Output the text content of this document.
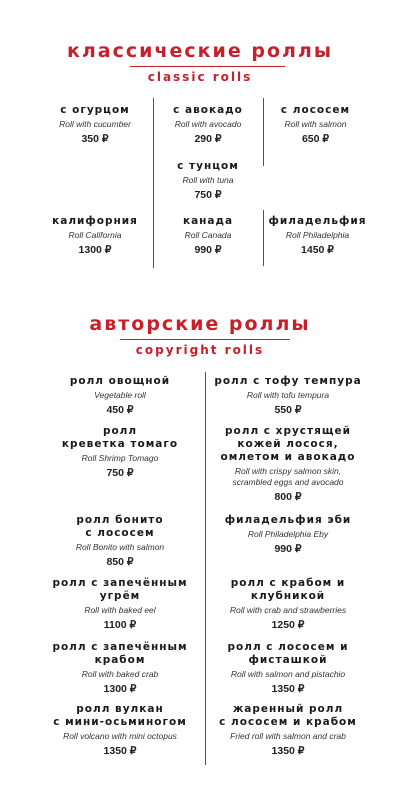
классические роллы
classic rolls
с огурцом
Roll with cucumber
350 ₽
с авокадо
Roll with avocado
290 ₽
с лососем
Roll with salmon
650 ₽
с тунцом
Roll with tuna
750 ₽
калифорния
Roll California
1300 ₽
канада
Roll Canada
990 ₽
филадельфия
Roll Philadelphia
1450 ₽
авторские роллы
copyright rolls
ролл овощной
Vegetable roll
450 ₽
ролл
креветка томаго
Roll Shrimp Tomago
750 ₽
ролл бонито
с лососем
Roll Bonito with salmon
850 ₽
ролл с запечённым
угрём
Roll with baked eel
1100 ₽
ролл с запечённым
крабом
Roll with baked crab
1300 ₽
ролл вулкан
с мини-осьминогом
Roll volcano with mini octopus
1350 ₽
ролл с тофу темпура
Roll with tofu tempura
550 ₽
ролл с хрустящей
кожей лосося,
омлетом и авокадо
Roll with crispy salmon skin,
scrambled eggs and avocado
800 ₽
филадельфия эби
Roll Philadelphia Eby
990 ₽
ролл с крабом и
клубникой
Roll with crab and strawberries
1250 ₽
ролл с лососем и
фисташкой
Roll with salmon and pistachio
1350 ₽
жаренный ролл
с лососем и крабом
Fried roll with salmon and crab
1350 ₽
